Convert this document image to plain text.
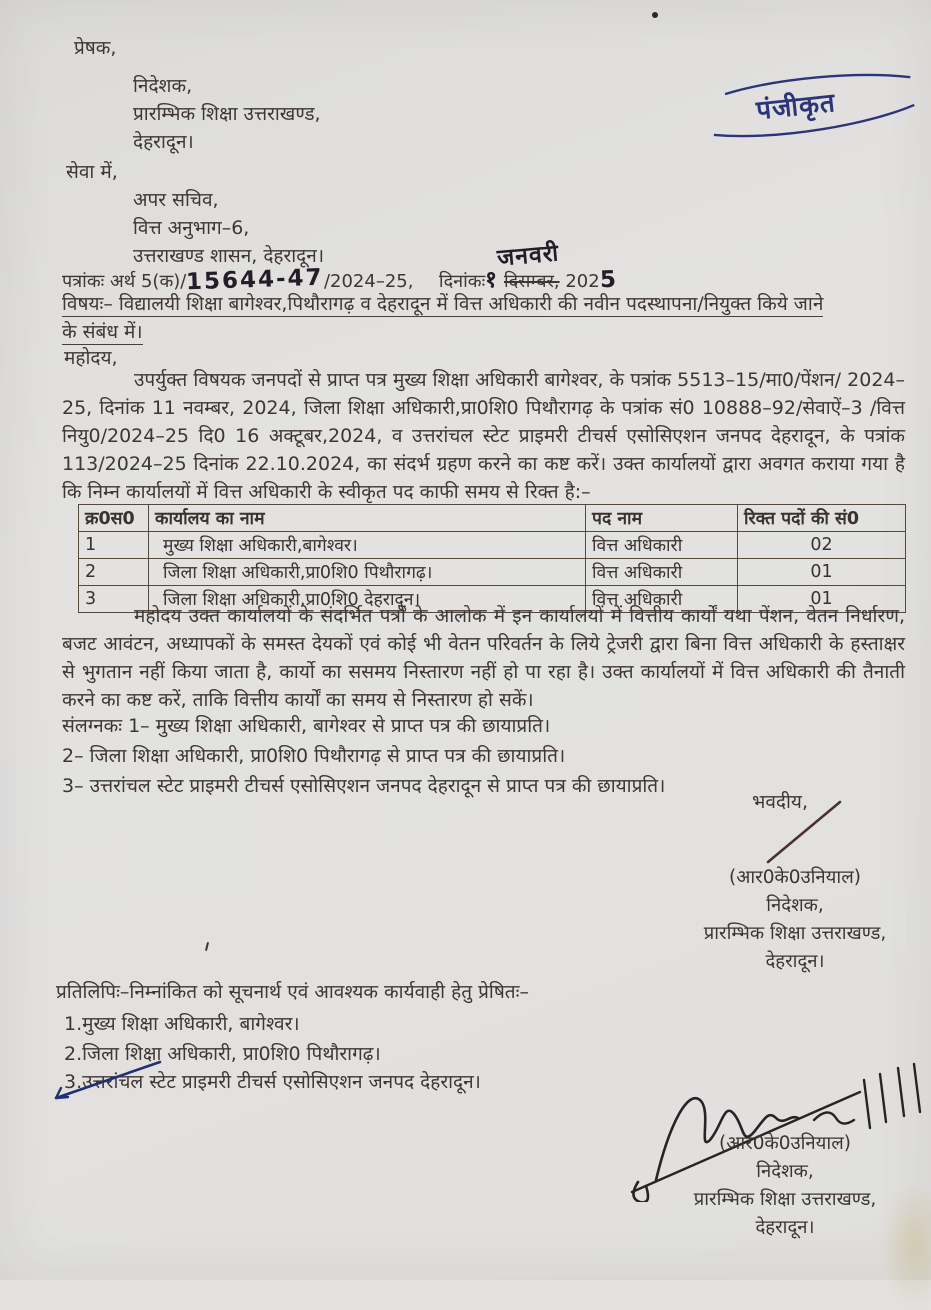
प्रेषक,
निदेशक,
प्रारम्भिक शिक्षा उत्तराखण्ड,
देहरादून।
पंजीकृत
सेवा में,
अपर सचिव,
वित्त अनुभाग–6,
उत्तराखण्ड शासन, देहरादून।	जनवरी
पत्रांकः अर्थ 5(क)/15644-47/2024–25, दिनांकः१ दिसम्बर, 2025
विषयः– विद्यालयी शिक्षा बागेश्वर,पिथौरागढ़ व देहरादून में वित्त अधिकारी की नवीन पदस्थापना/नियुक्त किये जाने
के संबंध में।
महोदय,
उपर्युक्त विषयक जनपदों से प्राप्त पत्र मुख्य शिक्षा अधिकारी बागेश्वर, के पत्रांक 5513–15/मा0/पेंशन/ 2024–25, दिनांक 11 नवम्बर, 2024, जिला शिक्षा अधिकारी,प्रा0शि0 पिथौरागढ़ के पत्रांक सं0 10888–92/सेवाऐं–3 /वित्त नियु0/2024–25 दि0 16 अक्टूबर,2024, व उत्तरांचल स्टेट प्राइमरी टीचर्स एसोसिएशन जनपद देहरादून, के पत्रांक 113/2024–25 दिनांक 22.10.2024, का संदर्भ ग्रहण करने का कष्ट करें। उक्त कार्यालयों द्वारा अवगत कराया गया है कि निम्न कार्यालयों में वित्त अधिकारी के स्वीकृत पद काफी समय से रिक्त है:–
क्र0स0	कार्यालय का नाम	पद नाम	रिक्त पदों की सं0
1	मुख्य शिक्षा अधिकारी,बागेश्वर।	वित्त अधिकारी	02
2	जिला शिक्षा अधिकारी,प्रा0शि0 पिथौरागढ़।	वित्त अधिकारी	01
3	जिला शिक्षा अधिकारी,प्रा0शि0 देहरादून।	वित्त अधिकारी	01
महोदय उक्त कार्यालयों के संदर्भित पत्रों के आलोक में इन कार्यालयों में वित्तीय कार्यों यथा पेंशन, वेतन निर्धारण, बजट आवंटन, अध्यापकों के समस्त देयकों एवं कोई भी वेतन परिवर्तन के लिये ट्रेजरी द्वारा बिना वित्त अधिकारी के हस्ताक्षर से भुगतान नहीं किया जाता है, कार्यो का ससमय निस्तारण नहीं हो पा रहा है। उक्त कार्यालयों में वित्त अधिकारी की तैनाती करने का कष्ट करें, ताकि वित्तीय कार्यों का समय से निस्तारण हो सकें।
संलग्नकः 1– मुख्य शिक्षा अधिकारी, बागेश्वर से प्राप्त पत्र की छायाप्रति।
2– जिला शिक्षा अधिकारी, प्रा0शि0 पिथौरागढ़ से प्राप्त पत्र की छायाप्रति।
3– उत्तरांचल स्टेट प्राइमरी टीचर्स एसोसिएशन जनपद देहरादून से प्राप्त पत्र की छायाप्रति।
भवदीय,
(आर0के0उनियाल)
निदेशक,
प्रारम्भिक शिक्षा उत्तराखण्ड,
देहरादून।
प्रतिलिपिः–निम्नांकित को सूचनार्थ एवं आवश्यक कार्यवाही हेतु प्रेषितः–
1.मुख्य शिक्षा अधिकारी, बागेश्वर।
2.जिला शिक्षा अधिकारी, प्रा0शि0 पिथौरागढ़।
3.उत्तरांचल स्टेट प्राइमरी टीचर्स एसोसिएशन जनपद देहरादून।
(आर0के0उनियाल)
निदेशक,
प्रारम्भिक शिक्षा उत्तराखण्ड,
देहरादून।
